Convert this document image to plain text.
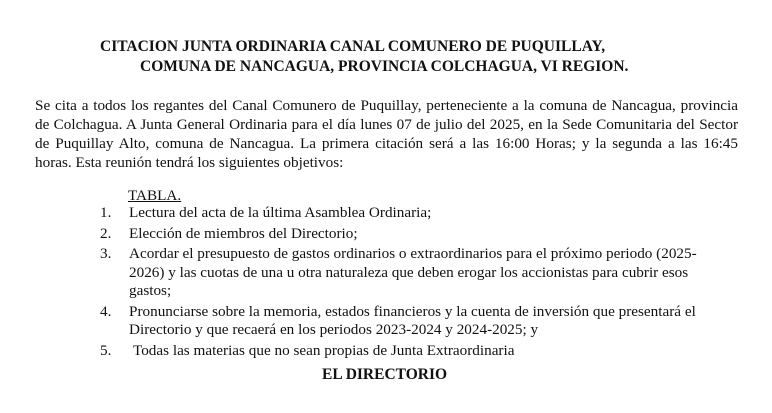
CITACION JUNTA ORDINARIA CANAL COMUNERO DE PUQUILLAY,
COMUNA DE NANCAGUA, PROVINCIA COLCHAGUA, VI REGION.

Se cita a todos los regantes del Canal Comunero de Puquillay, perteneciente a la comuna de Nancagua, provincia de Colchagua. A Junta General Ordinaria para el día lunes 07 de julio del 2025, en la Sede Comunitaria del Sector de Puquillay Alto, comuna de Nancagua. La primera citación será a las 16:00 Horas; y la segunda a las 16:45 horas. Esta reunión tendrá los siguientes objetivos:

TABLA.
1. Lectura del acta de la última Asamblea Ordinaria;
2. Elección de miembros del Directorio;
3. Acordar el presupuesto de gastos ordinarios o extraordinarios para el próximo periodo (2025-2026) y las cuotas de una u otra naturaleza que deben erogar los accionistas para cubrir esos gastos;
4. Pronunciarse sobre la memoria, estados financieros y la cuenta de inversión que presentará el Directorio y que recaerá en los periodos 2023-2024 y 2024-2025; y
5. Todas las materias que no sean propias de Junta Extraordinaria
EL DIRECTORIO
